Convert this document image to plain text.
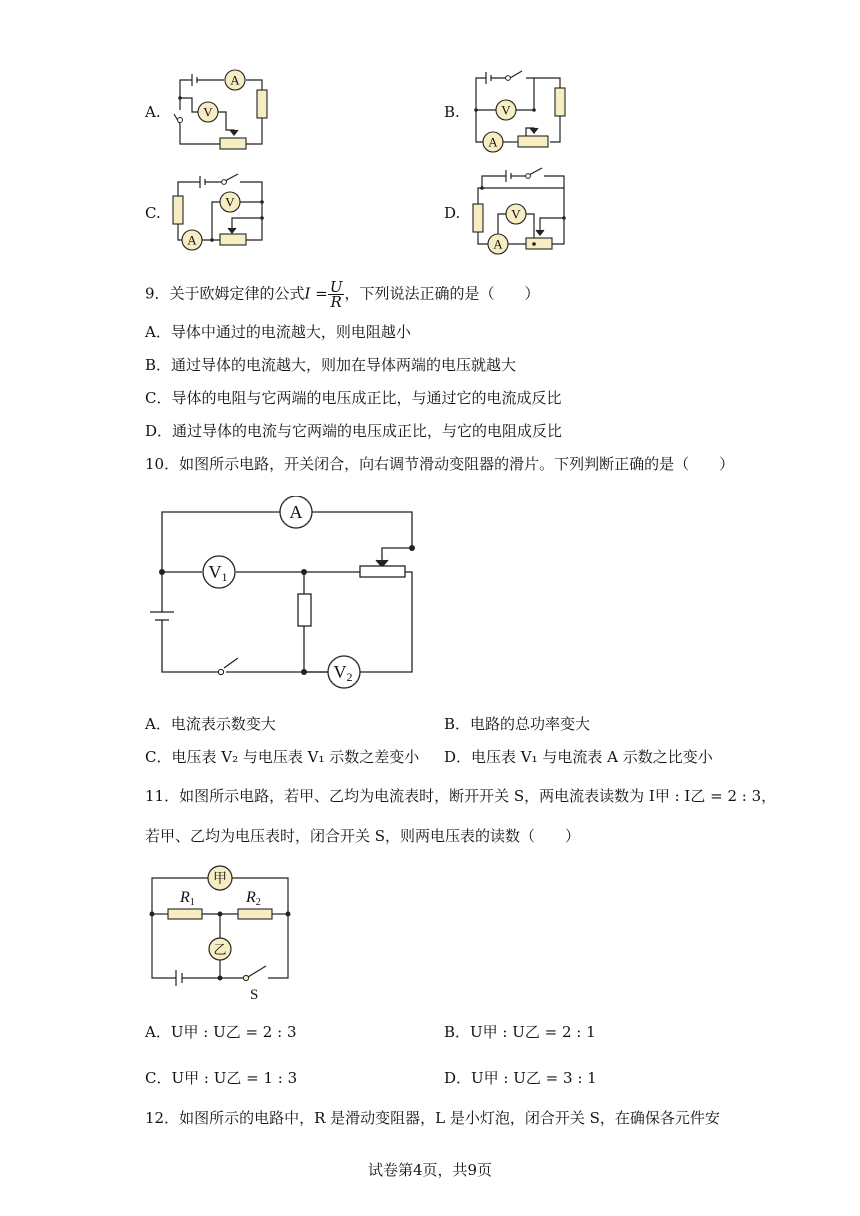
A.
A
V	B.	V
A
C.
V
A
D.	V
A
9．关于欧姆定律的公式$I = \frac{U}{R}$ ，下列说法正确的是（　　）
A．导体中通过的电流越大，则电阻越小
B．通过导体的电流越大，则加在导体两端的电压就越大
C．导体的电阻与它两端的电压成正比，与通过它的电流成反比
D．通过导体的电流与它两端的电压成正比，与它的电阻成反比
10．如图所示电路，开关闭合，向右调节滑动变阻器的滑片。下列判断正确的是（　　）
A
V1
V2
A．电流表示数变大	B．电路的总功率变大
C．电压表 V₂ 与电压表 V₁ 示数之差变小 D．电压表 V₁ 与电流表 A 示数之比变小
11．如图所示电路，若甲、乙均为电流表时，断开开关 S，两电流表读数为 I甲 : I乙 = 2 : 3，
若甲、乙均为电压表时，闭合开关 S，则两电压表的读数（　　）
甲
乙
R1	R2
S
A．U甲 : U乙 = 2 : 3	B．U甲 : U乙 = 2 : 1
C．U甲 : U乙 = 1 : 3	D．U甲 : U乙 = 3 : 1
12．如图所示的电路中，R 是滑动变阻器，L 是小灯泡，闭合开关 S，在确保各元件安
试卷第4页，共9页
